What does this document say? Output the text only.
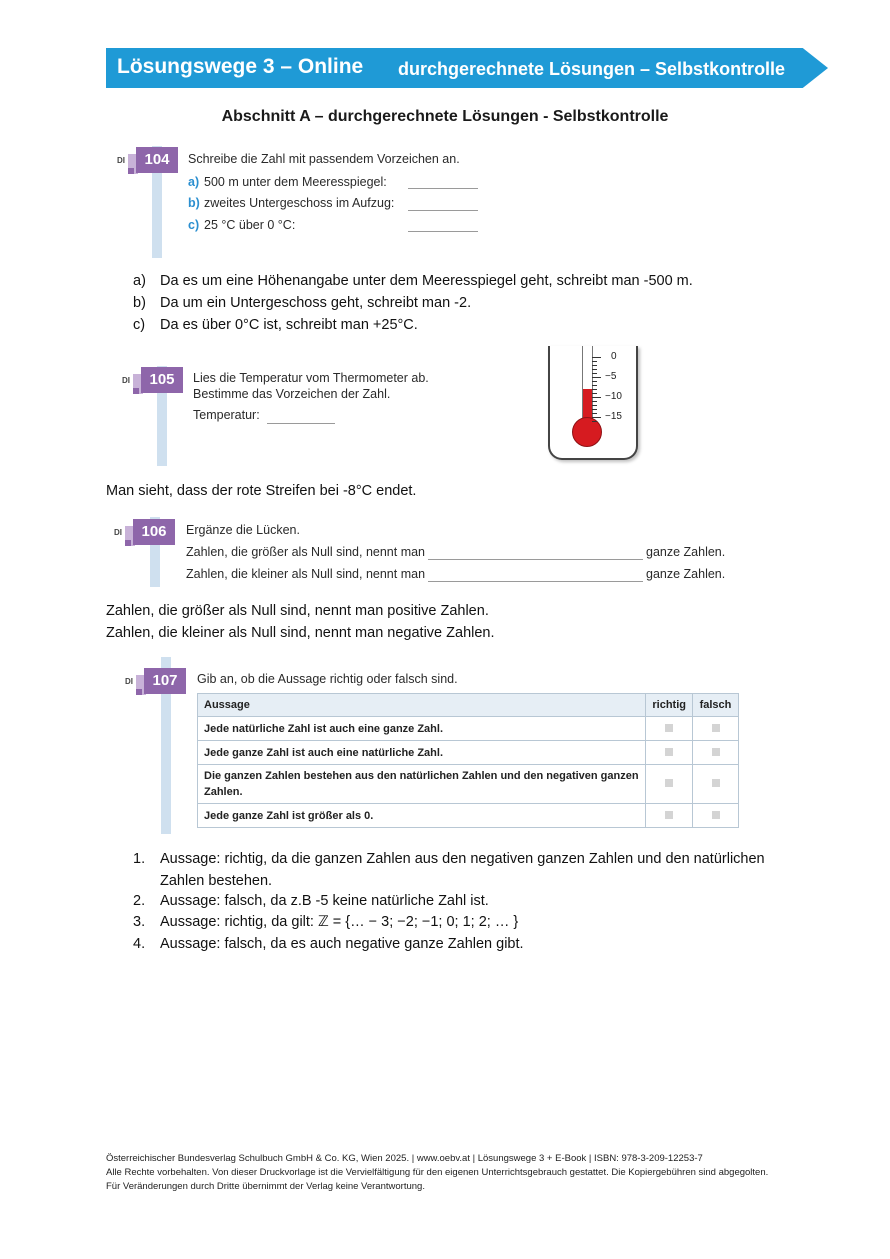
Lösungswege 3 – Online durchgerechnete Lösungen – Selbstkontrolle
Abschnitt A – durchgerechnete Lösungen - Selbstkontrolle
DI	104	Schreibe die Zahl mit passendem Vorzeichen an.
a) 500 m unter dem Meeresspiegel:
b) zweites Untergeschoss im Aufzug:
c) 25 °C über 0 °C:
a) Da es um eine Höhenangabe unter dem Meeresspiegel geht, schreibt man -500 m.
b) Da um ein Untergeschoss geht, schreibt man -2.
c) Da es über 0°C ist, schreibt man +25°C.
DI	105	Lies die Temperatur vom Thermometer ab.
Bestimme das Vorzeichen der Zahl.
Temperatur:
0
−5
−10
−15
Man sieht, dass der rote Streifen bei -8°C endet.
DI	106	Ergänze die Lücken.
Zahlen, die größer als Null sind, nennt man	ganze Zahlen.
Zahlen, die kleiner als Null sind, nennt man	ganze Zahlen.
Zahlen, die größer als Null sind, nennt man positive Zahlen.
Zahlen, die kleiner als Null sind, nennt man negative Zahlen.
DI	107	Gib an, ob die Aussage richtig oder falsch sind.
Aussage	richtig	falsch
Jede natürliche Zahl ist auch eine ganze Zahl.		
Jede ganze Zahl ist auch eine natürliche Zahl.		
Die ganzen Zahlen bestehen aus den natürlichen Zahlen und den negativen ganzen Zahlen.		
Jede ganze Zahl ist größer als 0.		
1. Aussage: richtig, da die ganzen Zahlen aus den negativen ganzen Zahlen und den natürlichen
Zahlen bestehen.
2. Aussage: falsch, da z.B -5 keine natürliche Zahl ist.
3. Aussage: richtig, da gilt: ℤ = {… − 3; −2; −1; 0; 1; 2; … }
4. Aussage: falsch, da es auch negative ganze Zahlen gibt.
Österreichischer Bundesverlag Schulbuch GmbH & Co. KG, Wien 2025. | www.oebv.at | Lösungswege 3 + E-Book | ISBN: 978-3-209-12253-7
Alle Rechte vorbehalten. Von dieser Druckvorlage ist die Vervielfältigung für den eigenen Unterrichtsgebrauch gestattet. Die Kopiergebühren sind abgegolten.
Für Veränderungen durch Dritte übernimmt der Verlag keine Verantwortung.
